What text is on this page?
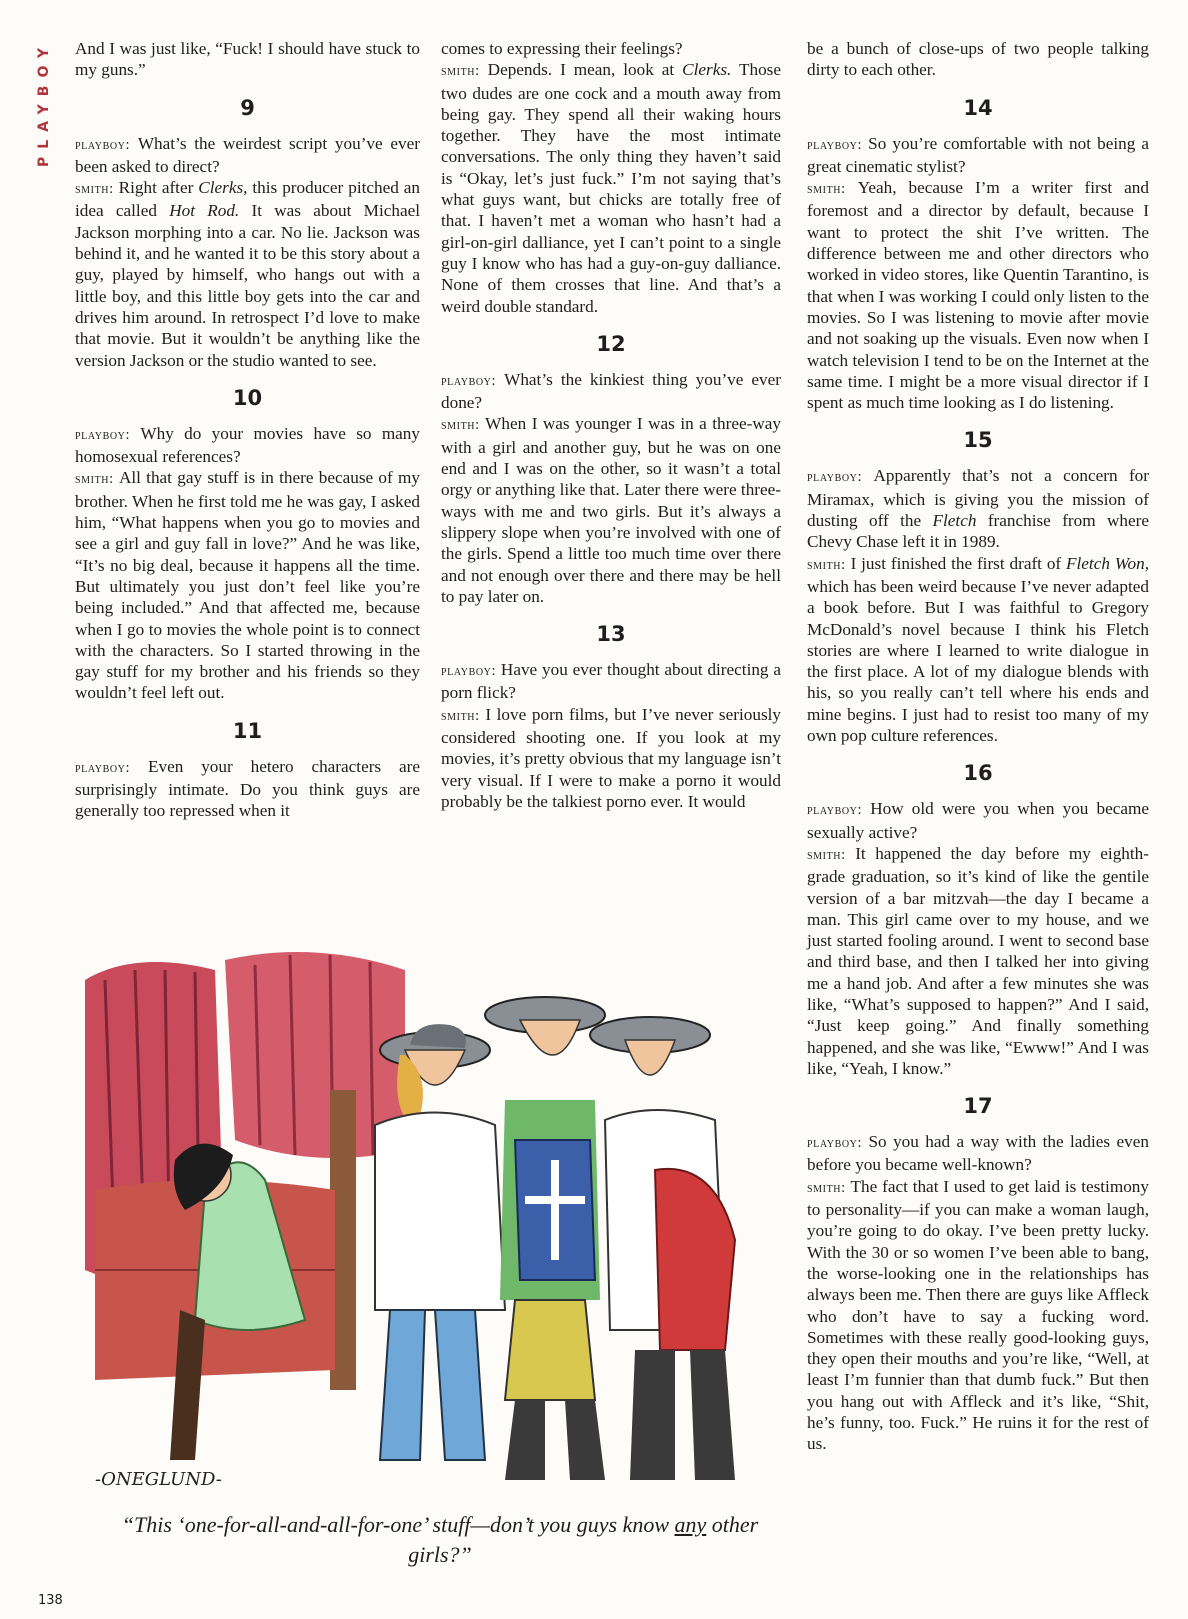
PLAYBOY And I was just like, “Fuck! I should have stuck to my guns.”

9

playboy : What’s the weirdest script you’ve ever been asked to direct?

smith : Right after Clerks, this producer pitched an idea called Hot Rod. It was about Michael Jackson morphing into a car. No lie. Jackson was behind it, and he wanted it to be this story about a guy, played by himself, who hangs out with a little boy, and this little boy gets into the car and drives him around. In retrospect I’d love to make that movie. But it wouldn’t be anything like the version Jackson or the studio wanted to see.

10

playboy : Why do your movies have so many homosexual references?

smith : All that gay stuff is in there because of my brother. When he first told me he was gay, I asked him, “What happens when you go to movies and see a girl and guy fall in love?” And he was like, “It’s no big deal, because it happens all the time. But ultimately you just don’t feel like you’re being included.” And that affected me, because when I go to movies the whole point is to connect with the characters. So I started throwing in the gay stuff for my brother and his friends so they wouldn’t feel left out.

11

playboy : Even your hetero characters are surprisingly intimate. Do you think guys are generally too repressed when it

comes to expressing their feelings?

smith : Depends. I mean, look at Clerks. Those two dudes are one cock and a mouth away from being gay. They spend all their waking hours together. They have the most intimate conversations. The only thing they haven’t said is “Okay, let’s just fuck.” I’m not saying that’s what guys want, but chicks are totally free of that. I haven’t met a woman who hasn’t had a girl-on-girl dalliance, yet I can’t point to a single guy I know who has had a guy-on-guy dalliance. None of them crosses that line. And that’s a weird double standard.

12

playboy : What’s the kinkiest thing you’ve ever done?

smith : When I was younger I was in a three-way with a girl and another guy, but he was on one end and I was on the other, so it wasn’t a total orgy or anything like that. Later there were three-ways with me and two girls. But it’s always a slippery slope when you’re involved with one of the girls. Spend a little too much time over there and not enough over there and there may be hell to pay later on.

13

playboy : Have you ever thought about directing a porn flick?

smith : I love porn films, but I’ve never seriously considered shooting one. If you look at my movies, it’s pretty obvious that my language isn’t very visual. If I were to make a porno it would probably be the talkiest porno ever. It would

be a bunch of close-ups of two people talking dirty to each other.

14

playboy : So you’re comfortable with not being a great cinematic stylist?

smith : Yeah, because I’m a writer first and foremost and a director by default, because I want to protect the shit I’ve written. The difference between me and other directors who worked in video stores, like Quentin Tarantino, is that when I was working I could only listen to the movies. So I was listening to movie after movie and not soaking up the visuals. Even now when I watch television I tend to be on the Internet at the same time. I might be a more visual director if I spent as much time looking as I do listening.

15

playboy : Apparently that’s not a concern for Miramax, which is giving you the mission of dusting off the Fletch franchise from where Chevy Chase left it in 1989.

smith : I just finished the first draft of Fletch Won, which has been weird because I’ve never adapted a book before. But I was faithful to Gregory McDonald’s novel because I think his Fletch stories are where I learned to write dialogue in the first place. A lot of my dialogue blends with his, so you really can’t tell where his ends and mine begins. I just had to resist too many of my own pop culture references.

16

playboy : How old were you when you became sexually active?

smith : It happened the day before my eighth-grade graduation, so it’s kind of like the gentile version of a bar mitzvah—the day I became a man. This girl came over to my house, and we just started fooling around. I went to second base and third base, and then I talked her into giving me a hand job. And after a few minutes she was like, “What’s supposed to happen?” And I said, “Just keep going.” And finally something happened, and she was like, “Ewww!” And I was like, “Yeah, I know.”

17

playboy : So you had a way with the ladies even before you became well-known?

smith : The fact that I used to get laid is testimony to personality—if you can make a woman laugh, you’re going to do okay. I’ve been pretty lucky. With the 30 or so women I’ve been able to bang, the worse-looking one in the relationships has always been me. Then there are guys like Affleck who don’t have to say a fucking word. Sometimes with these really good-looking guys, they open their mouths and you’re like, “Well, at least I’m funnier than that dumb fuck.” But then you hang out with Affleck and it’s like, “Shit, he’s funny, too. Fuck.” He ruins it for the rest of us.

-ONEGLUND-
“This ‘one-for-all-and-all-for-one’ stuff—don’t you guys know any other girls?”
138
